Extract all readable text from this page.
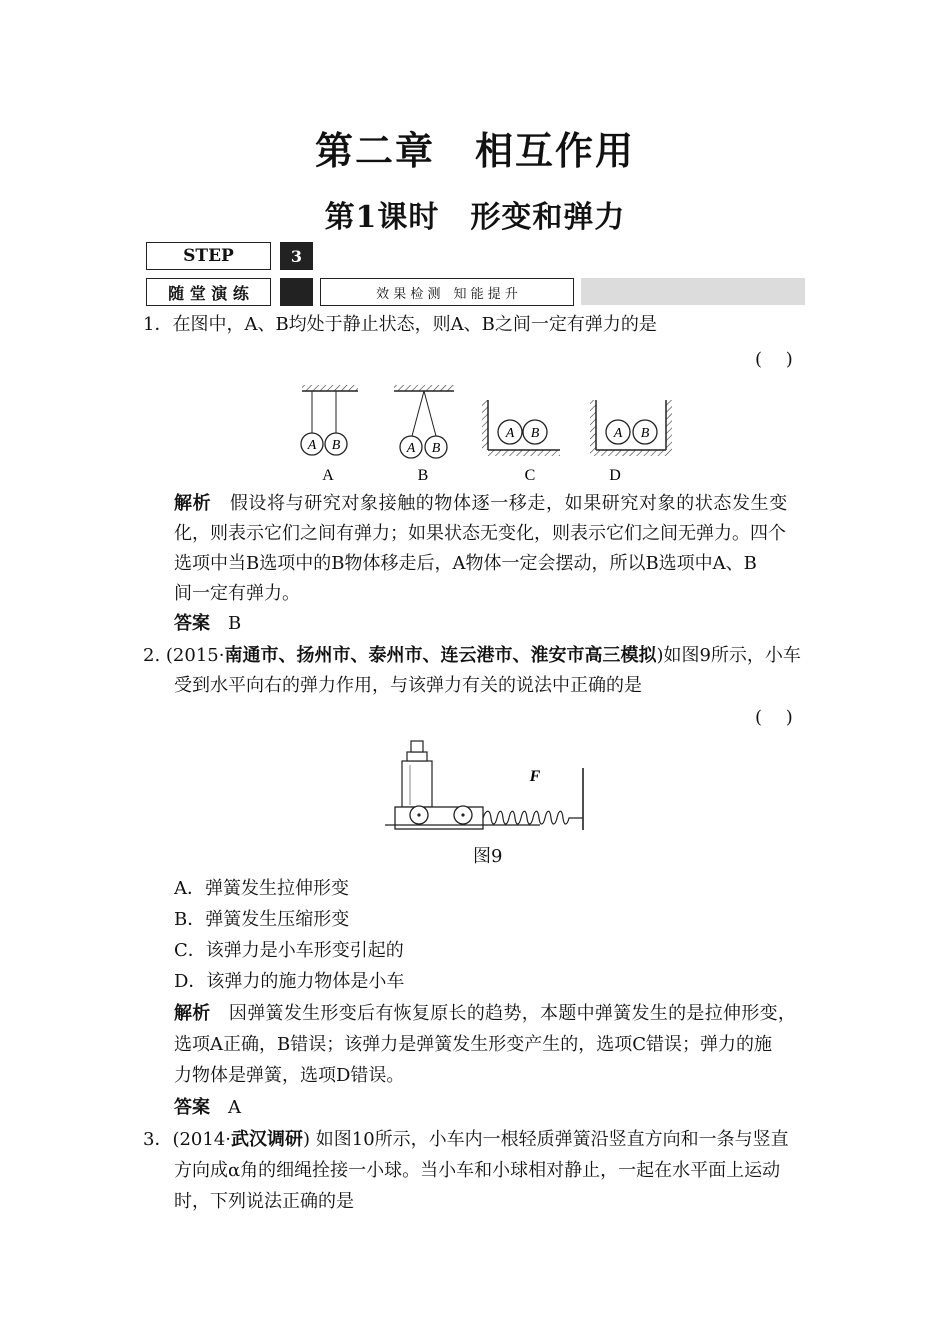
第二章　相互作用
第1课时　形变和弹力
STEP	3
随 堂 演 练	效 果 检 测　知 能 提 升
1．在图中，A、B均处于静止状态，则A、B之间一定有弹力的是
(　 )
A B	A B
A B	A B
A	B	C	D
解析　 假设将与研究对象接触的物体逐一移走，如果研究对象的状态发生变
化，则表示它们之间有弹力；如果状态无变化，则表示它们之间无弹力。四个
选项中当B选项中的B物体移走后，A物体一定会摆动，所以B选项中A、B
间一定有弹力。
答案　 B
2. (2015·南通市、扬州市、泰州市、连云港市、淮安市高三模拟)如图9所示，小车
受到水平向右的弹力作用，与该弹力有关的说法中正确的是
(　 )
F
图9
A．弹簧发生拉伸形变
B．弹簧发生压缩形变
C．该弹力是小车形变引起的
D．该弹力的施力物体是小车
解析　 因弹簧发生形变后有恢复原长的趋势，本题中弹簧发生的是拉伸形变，
选项A正确，B错误；该弹力是弹簧发生形变产生的，选项C错误；弹力的施
力物体是弹簧，选项D错误。
答案　 A
3．(2014·武汉调研) 如图10所示，小车内一根轻质弹簧沿竖直方向和一条与竖直
方向成α角的细绳拴接一小球。当小车和小球相对静止，一起在水平面上运动
时，下列说法正确的是
